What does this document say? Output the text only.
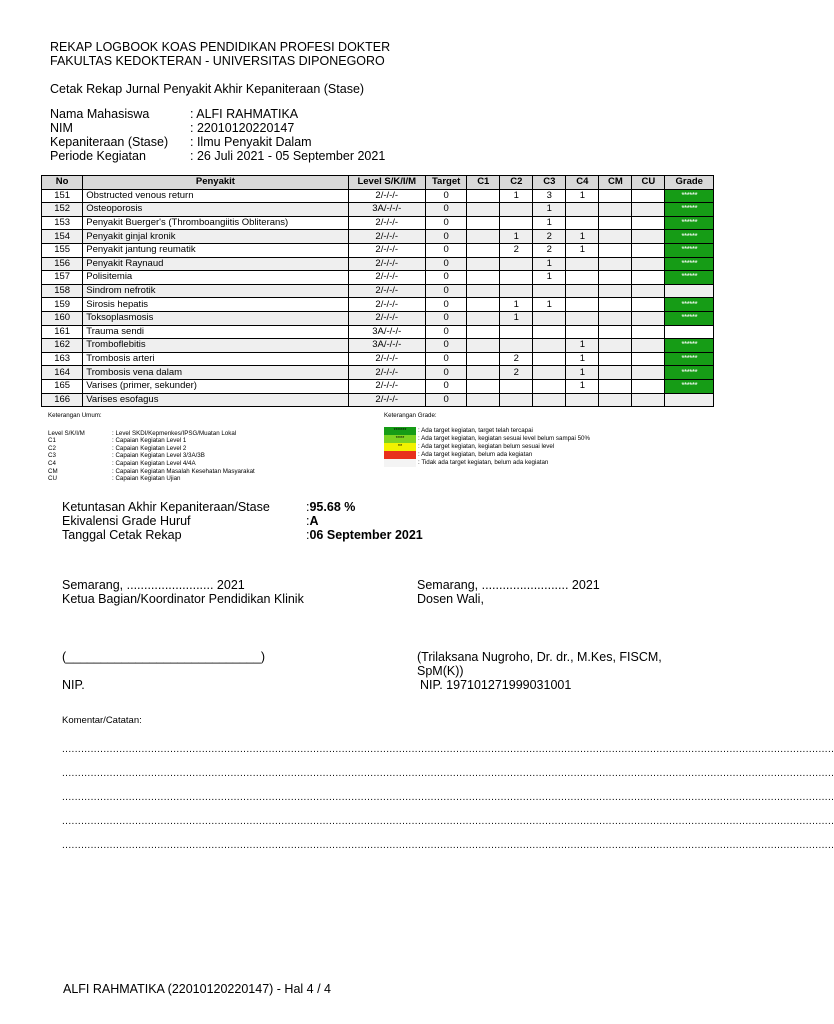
REKAP LOGBOOK KOAS PENDIDIKAN PROFESI DOKTER
FAKULTAS KEDOKTERAN - UNIVERSITAS DIPONEGORO
Cetak Rekap Jurnal Penyakit Akhir Kepaniteraan (Stase)
Nama Mahasiswa	: ALFI RAHMATIKA
NIM	: 22010120220147
Kepaniteraan (Stase)	: Ilmu Penyakit Dalam
Periode Kegiatan	: 26 Juli 2021 - 05 September 2021
No	Penyakit	Level S/K/I/M	Target	C1	C2	C3	C4	CM	CU	Grade
151	Obstructed venous return	2/-/-/-	0		1	3	1			******
152	Osteoporosis	3A/-/-/-	0			1				******
153	Penyakit Buerger's (Thromboangiitis Obliterans)	2/-/-/-	0			1				******
154	Penyakit ginjal kronik	2/-/-/-	0		1	2	1			******
155	Penyakit jantung reumatik	2/-/-/-	0		2	2	1			******
156	Penyakit Raynaud	2/-/-/-	0			1				******
157	Polisitemia	2/-/-/-	0			1				******
158	Sindrom nefrotik	2/-/-/-	0							
159	Sirosis hepatis	2/-/-/-	0		1	1				******
160	Toksoplasmosis	2/-/-/-	0		1					******
161	Trauma sendi	3A/-/-/-	0							
162	Tromboflebitis	3A/-/-/-	0				1			******
163	Trombosis arteri	2/-/-/-	0		2		1			******
164	Trombosis vena dalam	2/-/-/-	0		2		1			******
165	Varises (primer, sekunder)	2/-/-/-	0				1			******
166	Varises esofagus	2/-/-/-	0							
Keterangan Umum:
Level S/K/I/M	: Level SKDI/Kepmenkes/IPSG/Muatan Lokal
C1	: Capaian Kegiatan Level 1
C2	: Capaian Kegiatan Level 2
C3	: Capaian Kegiatan Level 3/3A/3B
C4	: Capaian Kegiatan Level 4/4A
CM	: Capaian Kegiatan Masalah Kesehatan Masyarakat
CU	: Capaian Kegiatan Ujian
Keterangan Grade:
******	: Ada target kegiatan, target telah tercapai
****	: Ada target kegiatan, kegiatan sesuai level belum sampai 50%
**	: Ada target kegiatan, kegiatan belum sesuai level
: Ada target kegiatan, belum ada kegiatan
: Tidak ada target kegiatan, belum ada kegiatan
Ketuntasan Akhir Kepaniteraan/Stase	: 95.68 %
Ekivalensi Grade Huruf	: A
Tanggal Cetak Rekap	: 06 September 2021
Semarang, ......................... 2021
Ketua Bagian/Koordinator Pendidikan Klinik
(____________________________)
NIP.
Semarang, ......................... 2021
Dosen Wali,
(Trilaksana Nugroho, Dr. dr., M.Kes, FISCM,
SpM(K))
NIP. 197101271999031001
Komentar/Catatan:
...................................................................................................................................................................................................................................................
...................................................................................................................................................................................................................................................
...................................................................................................................................................................................................................................................
...................................................................................................................................................................................................................................................
...................................................................................................................................................................................................................................................
ALFI RAHMATIKA (22010120220147) - Hal 4 / 4
